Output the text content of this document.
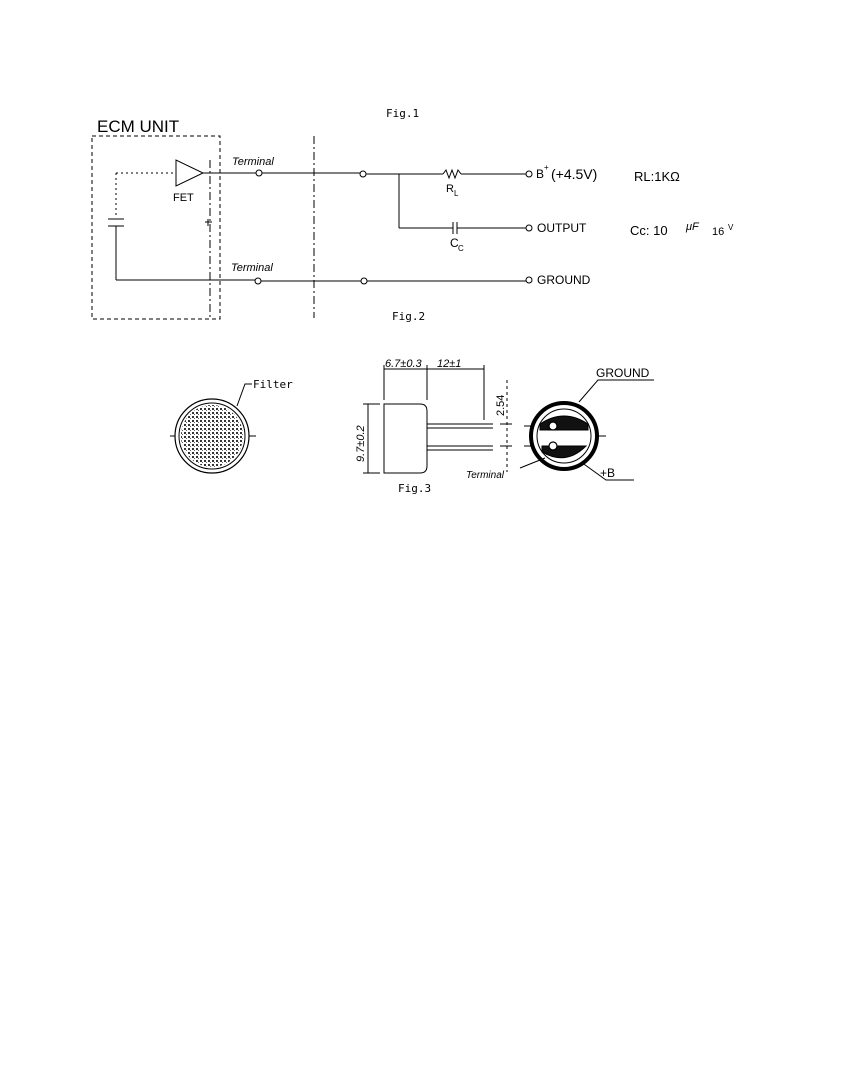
Fig.1
ECM UNIT
FET
Terminal
Terminal
R L
C C
B + (+4.5V)
OUTPUT
GROUND
RL:1KΩ
Cc: 10 μF 16 V
Fig.2
Filter
Fig.3
6.7±0.3 12±1
2.54
9.7±0.2
GROUND
Terminal	+B
